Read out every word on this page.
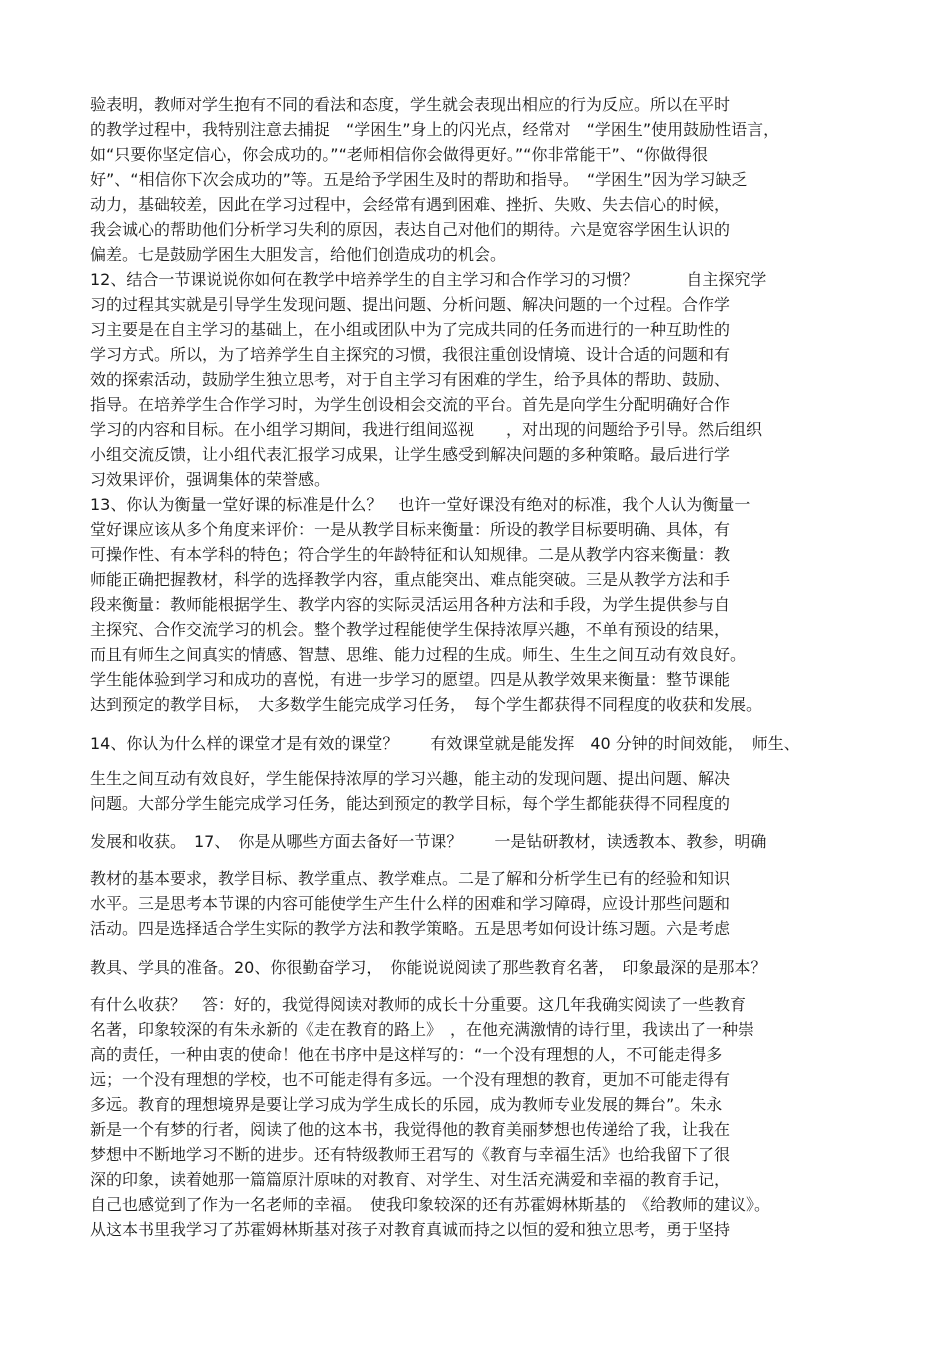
验表明，教师对学生抱有不同的看法和态度，学生就会表现出相应的行为反应。所以在平时
的教学过程中，我特别注意去捕捉　“学困生”身上的闪光点，经常对　“学困生”使用鼓励性语言，
如“只要你坚定信心，你会成功的。”“老师相信你会做得更好。”“你非常能干”、“你做得很
好”、“相信你下次会成功的”等。五是给予学困生及时的帮助和指导。　“学困生”因为学习缺乏
动力，基础较差，因此在学习过程中，会经常有遇到困难、挫折、失败、失去信心的时候，
我会诚心的帮助他们分析学习失利的原因，表达自己对他们的期待。六是宽容学困生认识的
偏差。七是鼓励学困生大胆发言，给他们创造成功的机会。
12、结合一节课说说你如何在教学中培养学生的自主学习和合作学习的习惯？　　　自主探究学
习的过程其实就是引导学生发现问题、提出问题、分析问题、解决问题的一个过程。合作学
习主要是在自主学习的基础上，在小组或团队中为了完成共同的任务而进行的一种互助性的
学习方式。所以，为了培养学生自主探究的习惯，我很注重创设情境、设计合适的问题和有
效的探索活动，鼓励学生独立思考，对于自主学习有困难的学生，给予具体的帮助、鼓励、
指导。在培养学生合作学习时，为学生创设相会交流的平台。首先是向学生分配明确好合作
学习的内容和目标。在小组学习期间，我进行组间巡视　　，对出现的问题给予引导。然后组织
小组交流反馈，让小组代表汇报学习成果，让学生感受到解决问题的多种策略。最后进行学
习效果评价，强调集体的荣誉感。
13、你认为衡量一堂好课的标准是什么？　也许一堂好课没有绝对的标准，我个人认为衡量一
堂好课应该从多个角度来评价：一是从教学目标来衡量：所设的教学目标要明确、具体，有
可操作性、有本学科的特色；符合学生的年龄特征和认知规律。二是从教学内容来衡量：教
师能正确把握教材，科学的选择教学内容，重点能突出、难点能突破。三是从教学方法和手
段来衡量：教师能根据学生、教学内容的实际灵活运用各种方法和手段，为学生提供参与自
主探究、合作交流学习的机会。整个教学过程能使学生保持浓厚兴趣，不单有预设的结果，
而且有师生之间真实的情感、智慧、思维、能力过程的生成。师生、生生之间互动有效良好。
学生能体验到学习和成功的喜悦，有进一步学习的愿望。四是从教学效果来衡量：整节课能
达到预定的教学目标，　大多数学生能完成学习任务，　每个学生都获得不同程度的收获和发展。
14、你认为什么样的课堂才是有效的课堂？　　有效课堂就是能发挥　40 分钟的时间效能，　师生、
生生之间互动有效良好，学生能保持浓厚的学习兴趣，能主动的发现问题、提出问题、解决
问题。大部分学生能完成学习任务，能达到预定的教学目标，每个学生都能获得不同程度的
发展和收获。　17、　你是从哪些方面去备好一节课？　　一是钻研教材，读透教本、教参，明确
教材的基本要求，教学目标、教学重点、教学难点。二是了解和分析学生已有的经验和知识
水平。三是思考本节课的内容可能使学生产生什么样的困难和学习障碍，应设计那些问题和
活动。四是选择适合学生实际的教学方法和教学策略。五是思考如何设计练习题。六是考虑
教具、学具的准备。20、你很勤奋学习，　你能说说阅读了那些教育名著，　印象最深的是那本？
有什么收获？　答：好的，我觉得阅读对教师的成长十分重要。这几年我确实阅读了一些教育
名著，印象较深的有朱永新的《走在教育的路上》　，在他充满激情的诗行里，我读出了一种崇
高的责任，一种由衷的使命！他在书序中是这样写的：“一个没有理想的人，不可能走得多
远；一个没有理想的学校，也不可能走得有多远。一个没有理想的教育，更加不可能走得有
多远。教育的理想境界是要让学习成为学生成长的乐园，成为教师专业发展的舞台”。朱永
新是一个有梦的行者，阅读了他的这本书，我觉得他的教育美丽梦想也传递给了我，让我在
梦想中不断地学习不断的进步。还有特级教师王君写的《教育与幸福生活》也给我留下了很
深的印象，读着她那一篇篇原汁原味的对教育、对学生、对生活充满爱和幸福的教育手记，
自己也感觉到了作为一名老师的幸福。　使我印象较深的还有苏霍姆林斯基的　《给教师的建议》。
从这本书里我学习了苏霍姆林斯基对孩子对教育真诚而持之以恒的爱和独立思考，勇于坚持
